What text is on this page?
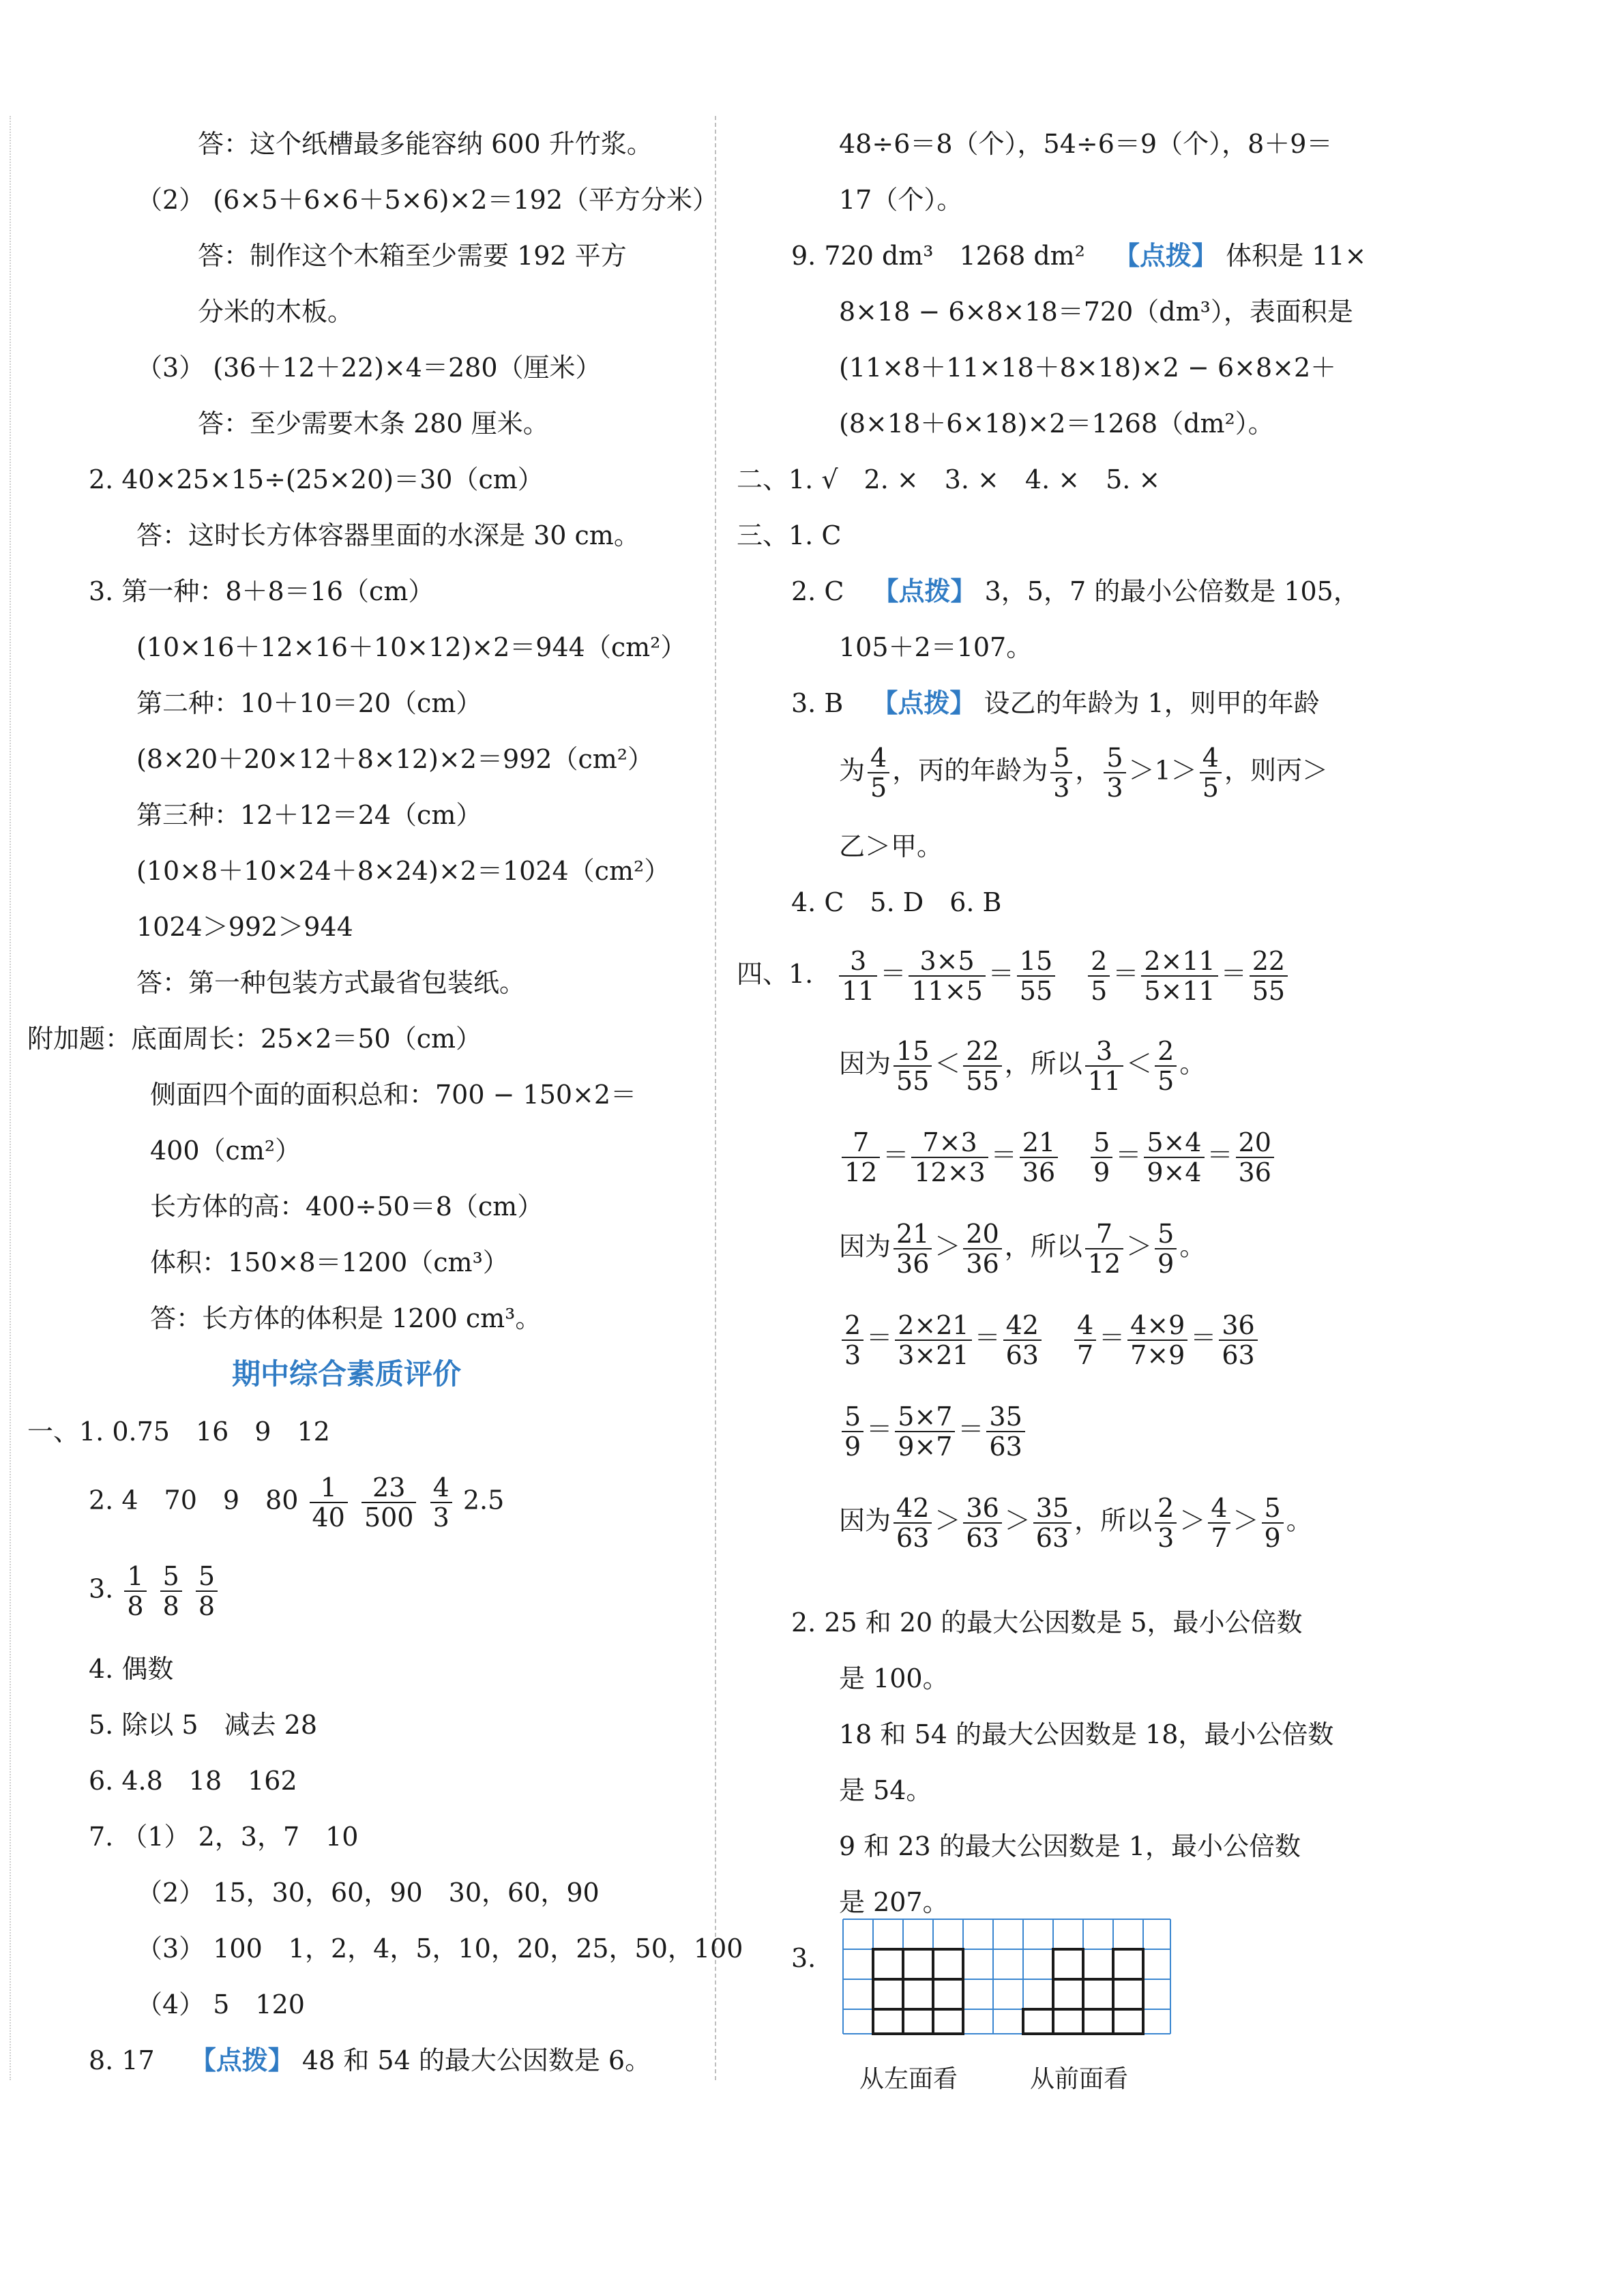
答：这个纸槽最多能容纳 600 升竹浆。
（2） (6×5＋6×6＋5×6)×2＝192（平方分米）
答：制作这个木箱至少需要 192 平方
分米的木板。
（3） (36＋12＋22)×4＝280（厘米）
答：至少需要木条 280 厘米。
2. 40×25×15÷(25×20)＝30（cm）
答：这时长方体容器里面的水深是 30 cm。
3. 第一种：8＋8＝16（cm）
(10×16＋12×16＋10×12)×2＝944（cm²）
第二种：10＋10＝20（cm）
(8×20＋20×12＋8×12)×2＝992（cm²）
第三种：12＋12＝24（cm）
(10×8＋10×24＋8×24)×2＝1024（cm²）
1024＞992＞944
答：第一种包装方式最省包装纸。
附加题：底面周长：25×2＝50（cm）
侧面四个面的面积总和：700 − 150×2＝
400（cm²）
长方体的高：400÷50＝8（cm）
体积：150×8＝1200（cm³）
答：长方体的体积是 1200 cm³。
期中综合素质评价
一、1. 0.75　16　9　12
2. 4　70　9　$80 \frac{1}{40}$
$\frac{23}{500}$
$\frac{4}{3} 2.5$
3. $\frac{1}{8}$
$\frac{5}{8}$
$\frac{5}{8}$
4. 偶数
5. 除以 5　减去 28
6. 4.8　18　162
7. （1） 2，3，7　10
（2） 15，30，60，90　30，60，90
（3） 100　1，2，4，5，10，20，25，50，100
（4） 5　120
8. 17 【点拨】 48 和 54 的最大公因数是 6。
48÷6＝8（个），54÷6＝9（个），8＋9＝
17（个）。
9. 720 dm³　1268 dm² 【点拨】 体积是 11×
8×18 − 6×8×18＝720（dm³），表面积是
(11×8＋11×18＋8×18)×2 − 6×8×2＋
(8×18＋6×18)×2＝1268（dm²）。
二、1. √　2. ×　3. ×　4. ×　5. ×
三、1. C
2. C 【点拨】 3，5，7 的最小公倍数是 105，
105＋2＝107。
3. B 【点拨】 设乙的年龄为 1，则甲的年龄
为 $\frac{4}{5}$ ，丙的年龄为 $\frac{5}{3}$ ， $\frac{5}{3} >1> \frac{4}{5}$ ，则丙＞
乙＞甲。
4. C　5. D　6. B
四、1. $\frac{3}{11} = \frac{3\times 5}{11\times 5} = \frac{15}{55} \frac{2}{5} = \frac{2\times 11}{5\times 11} = \frac{22}{55}$
因为 $\frac{15}{55} < \frac{22}{55}$ ，所以 $\frac{3}{11} < \frac{2}{5}$ 。
$\frac{7}{12} = \frac{7\times 3}{12\times 3} = \frac{21}{36} \frac{5}{9} = \frac{5\times 4}{9\times 4} = \frac{20}{36}$
因为 $\frac{21}{36} > \frac{20}{36}$ ，所以 $\frac{7}{12} > \frac{5}{9}$ 。
$\frac{2}{3} = \frac{2\times 21}{3\times 21} = \frac{42}{63} \frac{4}{7} = \frac{4\times 9}{7\times 9} = \frac{36}{63}$
$\frac{5}{9} = \frac{5\times 7}{9\times 7} = \frac{35}{63}$
因为 $\frac{42}{63} > \frac{36}{63} > \frac{35}{63}$ ，所以 $\frac{2}{3} > \frac{4}{7} > \frac{5}{9}$ 。
2. 25 和 20 的最大公因数是 5，最小公倍数
是 100。
18 和 54 的最大公因数是 18，最小公倍数
是 54。
9 和 23 的最大公因数是 1，最小公倍数
是 207。
3.
从左面看	从前面看
